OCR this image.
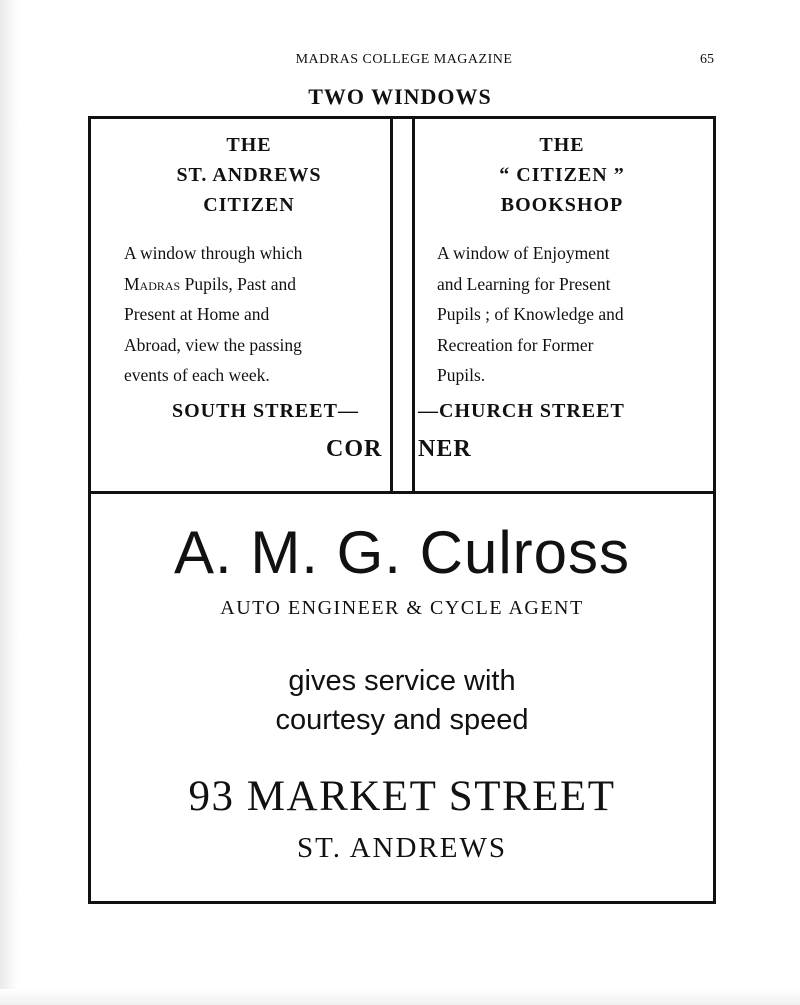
MADRAS COLLEGE MAGAZINE	65
TWO WINDOWS
THE
ST. ANDREWS
CITIZEN
A window through which
Madras Pupils, Past and
Present at Home and
Abroad, view the passing
events of each week.
THE
“ CITIZEN ”
BOOKSHOP
A window of Enjoyment
and Learning for Present
Pupils ; of Knowledge and
Recreation for Former
Pupils.
SOUTH STREET—	—CHURCH STREET
COR NER
A. M. G. Culross
AUTO ENGINEER & CYCLE AGENT
gives service with
courtesy and speed
93 MARKET STREET
ST. ANDREWS
